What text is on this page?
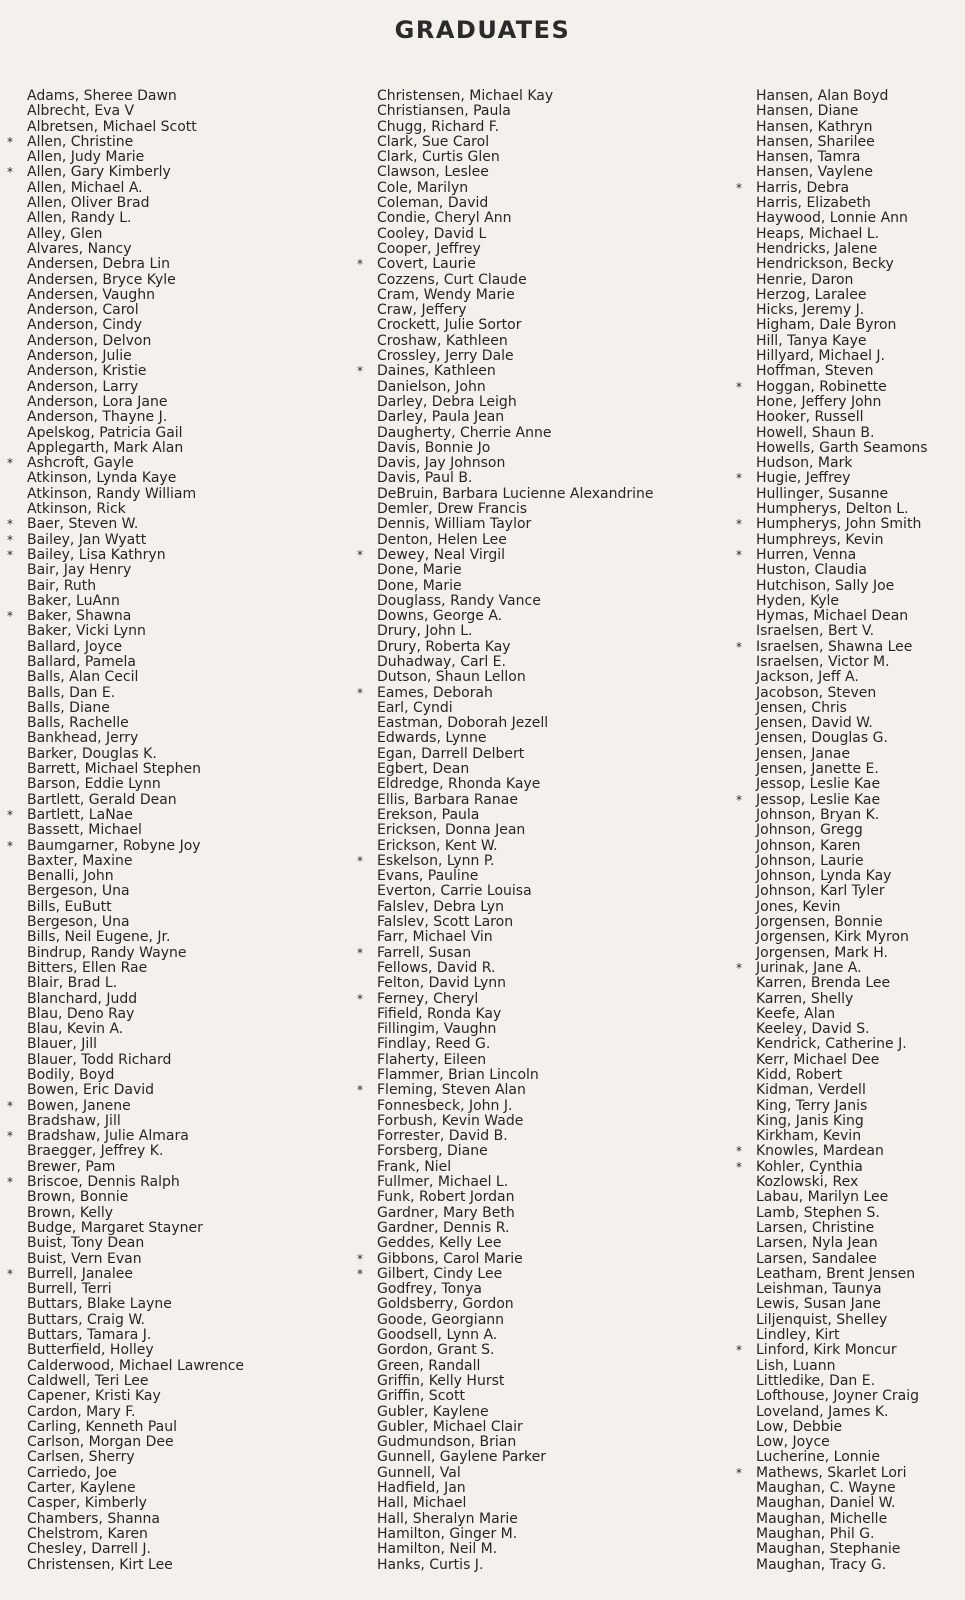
GRADUATES
Adams, Sheree Dawn
Albrecht, Eva V
Albretsen, Michael Scott
*	Allen, Christine
Allen, Judy Marie
*	Allen, Gary Kimberly
Allen, Michael A.
Allen, Oliver Brad
Allen, Randy L.
Alley, Glen
Alvares, Nancy
Andersen, Debra Lin
Andersen, Bryce Kyle
Andersen, Vaughn
Anderson, Carol
Anderson, Cindy
Anderson, Delvon
Anderson, Julie
Anderson, Kristie
Anderson, Larry
Anderson, Lora Jane
Anderson, Thayne J.
Apelskog, Patricia Gail
Applegarth, Mark Alan
*	Ashcroft, Gayle
Atkinson, Lynda Kaye
Atkinson, Randy William
Atkinson, Rick
*	Baer, Steven W.
*	Bailey, Jan Wyatt
*	Bailey, Lisa Kathryn
Bair, Jay Henry
Bair, Ruth
Baker, LuAnn
*	Baker, Shawna
Baker, Vicki Lynn
Ballard, Joyce
Ballard, Pamela
Balls, Alan Cecil
Balls, Dan E.
Balls, Diane
Balls, Rachelle
Bankhead, Jerry
Barker, Douglas K.
Barrett, Michael Stephen
Barson, Eddie Lynn
Bartlett, Gerald Dean
*	Bartlett, LaNae
Bassett, Michael
*	Baumgarner, Robyne Joy
Baxter, Maxine
Benalli, John
Bergeson, Una
Bills, EuButt
Bergeson, Una
Bills, Neil Eugene, Jr.
Bindrup, Randy Wayne
Bitters, Ellen Rae
Blair, Brad L.
Blanchard, Judd
Blau, Deno Ray
Blau, Kevin A.
Blauer, Jill
Blauer, Todd Richard
Bodily, Boyd
Bowen, Eric David
*	Bowen, Janene
Bradshaw, Jill
*	Bradshaw, Julie Almara
Braegger, Jeffrey K.
Brewer, Pam
*	Briscoe, Dennis Ralph
Brown, Bonnie
Brown, Kelly
Budge, Margaret Stayner
Buist, Tony Dean
Buist, Vern Evan
*	Burrell, Janalee
Burrell, Terri
Buttars, Blake Layne
Buttars, Craig W.
Buttars, Tamara J.
Butterfield, Holley
Calderwood, Michael Lawrence
Caldwell, Teri Lee
Capener, Kristi Kay
Cardon, Mary F.
Carling, Kenneth Paul
Carlson, Morgan Dee
Carlsen, Sherry
Carriedo, Joe
Carter, Kaylene
Casper, Kimberly
Chambers, Shanna
Chelstrom, Karen
Chesley, Darrell J.
Christensen, Kirt Lee
Christensen, Michael Kay
Christiansen, Paula
Chugg, Richard F.
Clark, Sue Carol
Clark, Curtis Glen
Clawson, Leslee
Cole, Marilyn
Coleman, David
Condie, Cheryl Ann
Cooley, David L
Cooper, Jeffrey
*	Covert, Laurie
Cozzens, Curt Claude
Cram, Wendy Marie
Craw, Jeffery
Crockett, Julie Sortor
Croshaw, Kathleen
Crossley, Jerry Dale
*	Daines, Kathleen
Danielson, John
Darley, Debra Leigh
Darley, Paula Jean
Daugherty, Cherrie Anne
Davis, Bonnie Jo
Davis, Jay Johnson
Davis, Paul B.
DeBruin, Barbara Lucienne Alexandrine
Demler, Drew Francis
Dennis, William Taylor
Denton, Helen Lee
*	Dewey, Neal Virgil
Done, Marie
Done, Marie
Douglass, Randy Vance
Downs, George A.
Drury, John L.
Drury, Roberta Kay
Duhadway, Carl E.
Dutson, Shaun Lellon
*	Eames, Deborah
Earl, Cyndi
Eastman, Doborah Jezell
Edwards, Lynne
Egan, Darrell Delbert
Egbert, Dean
Eldredge, Rhonda Kaye
Ellis, Barbara Ranae
Erekson, Paula
Ericksen, Donna Jean
Erickson, Kent W.
*	Eskelson, Lynn P.
Evans, Pauline
Everton, Carrie Louisa
Falslev, Debra Lyn
Falslev, Scott Laron
Farr, Michael Vin
*	Farrell, Susan
Fellows, David R.
Felton, David Lynn
*	Ferney, Cheryl
Fifield, Ronda Kay
Fillingim, Vaughn
Findlay, Reed G.
Flaherty, Eileen
Flammer, Brian Lincoln
*	Fleming, Steven Alan
Fonnesbeck, John J.
Forbush, Kevin Wade
Forrester, David B.
Forsberg, Diane
Frank, Niel
Fullmer, Michael L.
Funk, Robert Jordan
Gardner, Mary Beth
Gardner, Dennis R.
Geddes, Kelly Lee
*	Gibbons, Carol Marie
*	Gilbert, Cindy Lee
Godfrey, Tonya
Goldsberry, Gordon
Goode, Georgiann
Goodsell, Lynn A.
Gordon, Grant S.
Green, Randall
Griffin, Kelly Hurst
Griffin, Scott
Gubler, Kaylene
Gubler, Michael Clair
Gudmundson, Brian
Gunnell, Gaylene Parker
Gunnell, Val
Hadfield, Jan
Hall, Michael
Hall, Sheralyn Marie
Hamilton, Ginger M.
Hamilton, Neil M.
Hanks, Curtis J.
Hansen, Alan Boyd
Hansen, Diane
Hansen, Kathryn
Hansen, Sharilee
Hansen, Tamra
Hansen, Vaylene
*	Harris, Debra
Harris, Elizabeth
Haywood, Lonnie Ann
Heaps, Michael L.
Hendricks, Jalene
Hendrickson, Becky
Henrie, Daron
Herzog, Laralee
Hicks, Jeremy J.
Higham, Dale Byron
Hill, Tanya Kaye
Hillyard, Michael J.
Hoffman, Steven
*	Hoggan, Robinette
Hone, Jeffery John
Hooker, Russell
Howell, Shaun B.
Howells, Garth Seamons
Hudson, Mark
*	Hugie, Jeffrey
Hullinger, Susanne
Humpherys, Delton L.
*	Humpherys, John Smith
Humphreys, Kevin
*	Hurren, Venna
Huston, Claudia
Hutchison, Sally Joe
Hyden, Kyle
Hymas, Michael Dean
Israelsen, Bert V.
*	Israelsen, Shawna Lee
Israelsen, Victor M.
Jackson, Jeff A.
Jacobson, Steven
Jensen, Chris
Jensen, David W.
Jensen, Douglas G.
Jensen, Janae
Jensen, Janette E.
Jessop, Leslie Kae
*	Jessop, Leslie Kae
Johnson, Bryan K.
Johnson, Gregg
Johnson, Karen
Johnson, Laurie
Johnson, Lynda Kay
Johnson, Karl Tyler
Jones, Kevin
Jorgensen, Bonnie
Jorgensen, Kirk Myron
Jorgensen, Mark H.
*	Jurinak, Jane A.
Karren, Brenda Lee
Karren, Shelly
Keefe, Alan
Keeley, David S.
Kendrick, Catherine J.
Kerr, Michael Dee
Kidd, Robert
Kidman, Verdell
King, Terry Janis
King, Janis King
Kirkham, Kevin
*	Knowles, Mardean
*	Kohler, Cynthia
Kozlowski, Rex
Labau, Marilyn Lee
Lamb, Stephen S.
Larsen, Christine
Larsen, Nyla Jean
Larsen, Sandalee
Leatham, Brent Jensen
Leishman, Taunya
Lewis, Susan Jane
Liljenquist, Shelley
Lindley, Kirt
*	Linford, Kirk Moncur
Lish, Luann
Littledike, Dan E.
Lofthouse, Joyner Craig
Loveland, James K.
Low, Debbie
Low, Joyce
Lucherine, Lonnie
*	Mathews, Skarlet Lori
Maughan, C. Wayne
Maughan, Daniel W.
Maughan, Michelle
Maughan, Phil G.
Maughan, Stephanie
Maughan, Tracy G.
